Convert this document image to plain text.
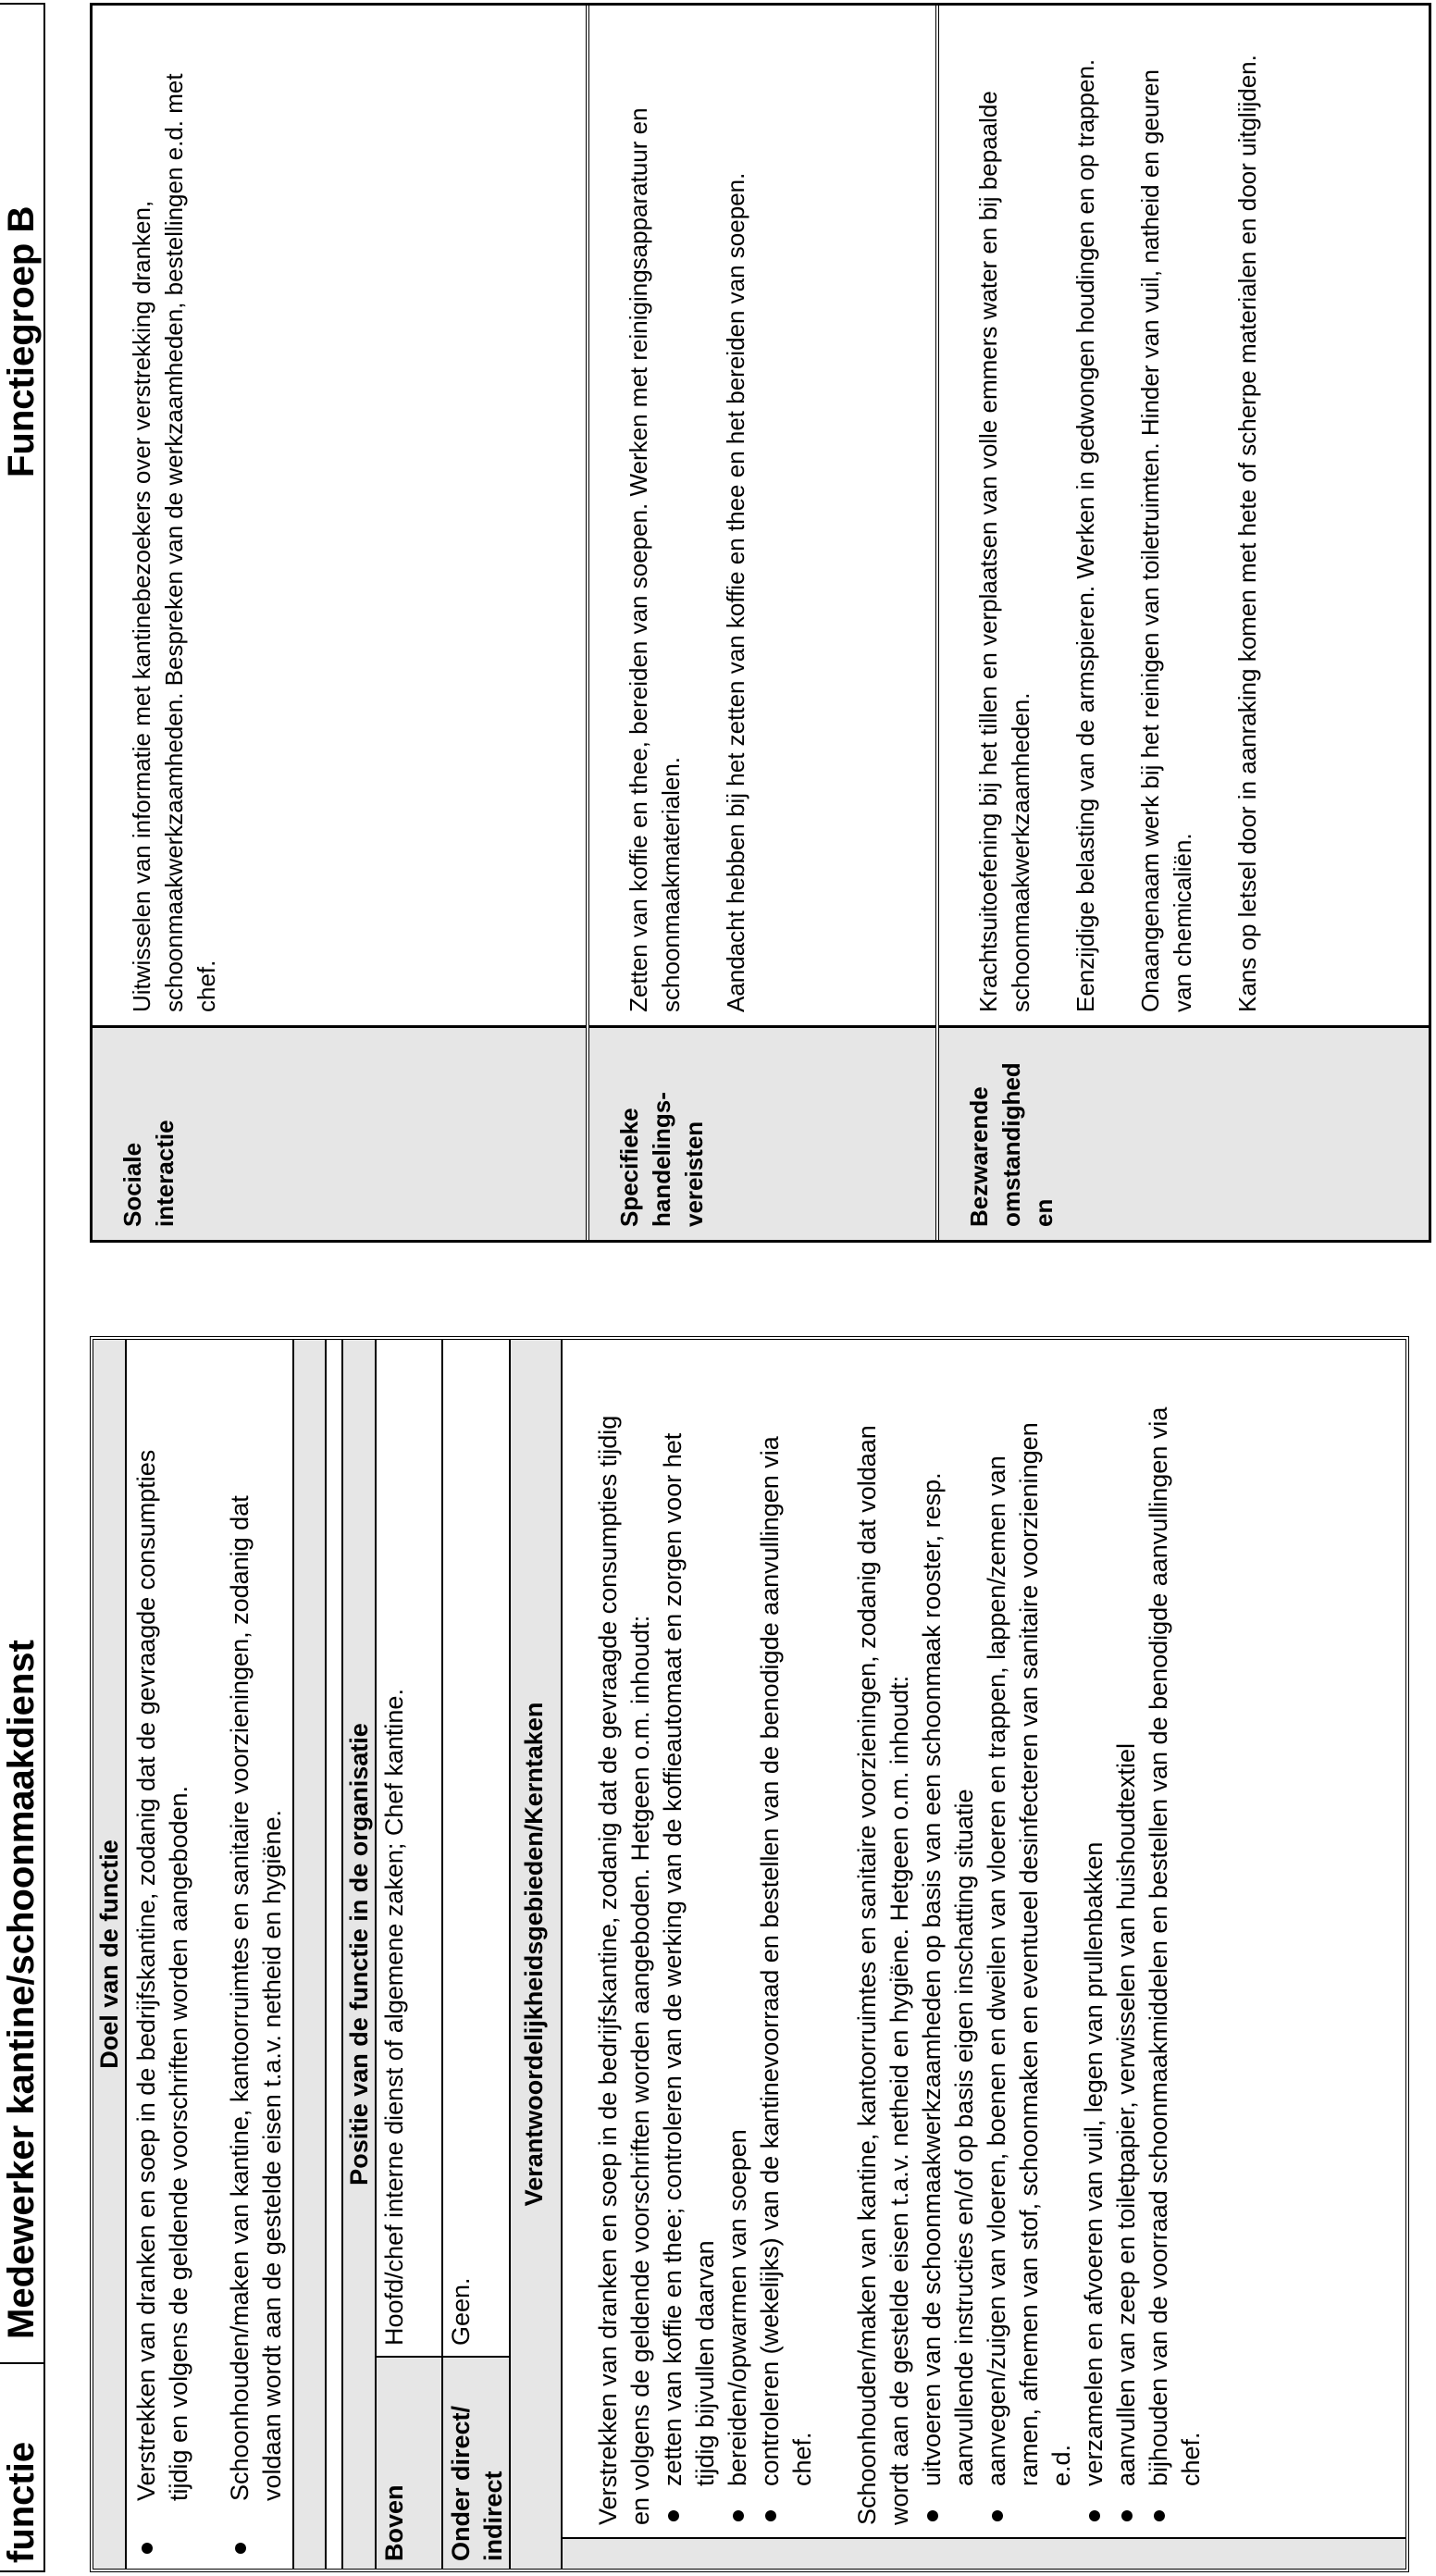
functie
Medewerker kantine/schoonmaakdienst
Functiegroep B
Doel van de functie Verstrekken van dranken en soep in de bedrijfskantine, zodanig dat de gevraagde consumpties tijdig en volgens de geldende voorschriften worden aangeboden. Schoonhouden/maken van kantine, kantoorruimtes en sanitaire voorzieningen, zodanig dat voldaan wordt aan de gestelde eisen t.a.v. netheid en hygiëne. Positie van de functie in de organisatie
Boven
Hoofd/chef interne dienst of algemene zaken; Chef kantine.
Onder direct/ indirect
Geen.
Verantwoordelijkheidsgebieden/Kerntaken	Verstrekken van dranken en soep in de bedrijfskantine, zodanig dat de gevraagde consumpties tijdig en volgens de geldende voorschriften worden aangeboden. Hetgeen o.m. inhoudt: zetten van koffie en thee; controleren van de werking van de koffieautomaat en zorgen voor het tijdig bijvullen daarvan bereiden/opwarmen van soepen controleren (wekelijks) van de kantinevoorraad en bestellen van de benodigde aanvullingen via chef. Schoonhouden/maken van kantine, kantoorruimtes en sanitaire voorzieningen, zodanig dat voldaan wordt aan de gestelde eisen t.a.v. netheid en hygiëne. Hetgeen o.m. inhoudt: uitvoeren van de schoonmaakwerkzaamheden op basis van een schoonmaak rooster, resp. aanvullende instructies en/of op basis eigen inschatting situatie aanvegen/zuigen van vloeren, boenen en dweilen van vloeren en trappen, lappen/zemen van ramen, afnemen van stof, schoonmaken en eventueel desinfecteren van sanitaire voorzieningen e.d. verzamelen en afvoeren van vuil, legen van prullenbakken aanvullen van zeep en toiletpapier, verwisselen van huishoudtextiel bijhouden van de voorraad schoonmaakmiddelen en bestellen van de benodigde aanvullingen via chef.
Sociale interactie

Uitwisselen van informatie met kantinebezoekers over verstrekking dranken, schoonmaakwerkzaamheden. Bespreken van de werkzaamheden, bestellingen e.d. met chef.

Specifieke handelings- vereisten

Zetten van koffie en thee, bereiden van soepen. Werken met reinigingsapparatuur en schoonmaakmaterialen. Aandacht hebben bij het zetten van koffie en thee en het bereiden van soepen.

Bezwarende omstandighed en

Krachtsuitoefening bij het tillen en verplaatsen van volle emmers water en bij bepaalde schoonmaakwerkzaamheden. Eenzijdige belasting van de armspieren. Werken in gedwongen houdingen en op trappen. Onaangenaam werk bij het reinigen van toiletruimten. Hinder van vuil, natheid en geuren van chemicaliën. Kans op letsel door in aanraking komen met hete of scherpe materialen en door uitglijden.
